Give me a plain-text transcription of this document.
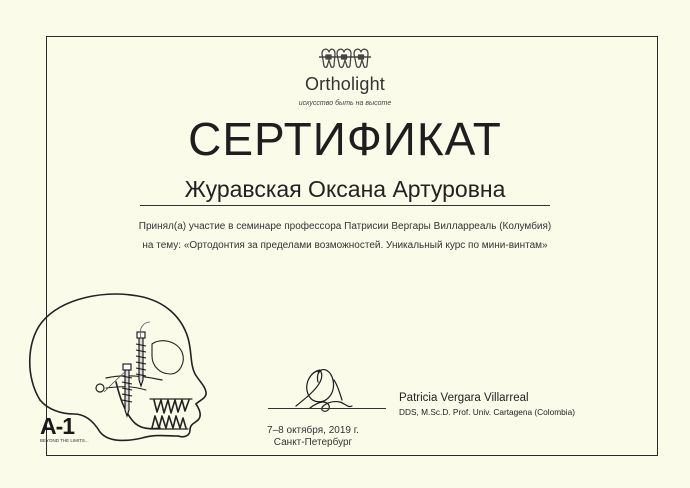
Ortholight
искусство быть на высоте
СЕРТИФИКАТ
Журавская Оксана Артуровна
Принял(а) участие в семинаре профессора Патрисии Вергары Вилларреаль (Колумбия)
на тему: «Ортодонтия за пределами возможностей. Уникальный курс по мини-винтам»
A-1
BEYOND THE LIMITS...
Patricia Vergara Villarreal
DDS, M.Sc.D. Prof. Univ. Cartagena (Colombia)
7–8 октября, 2019 г.
Санкт-Петербург
